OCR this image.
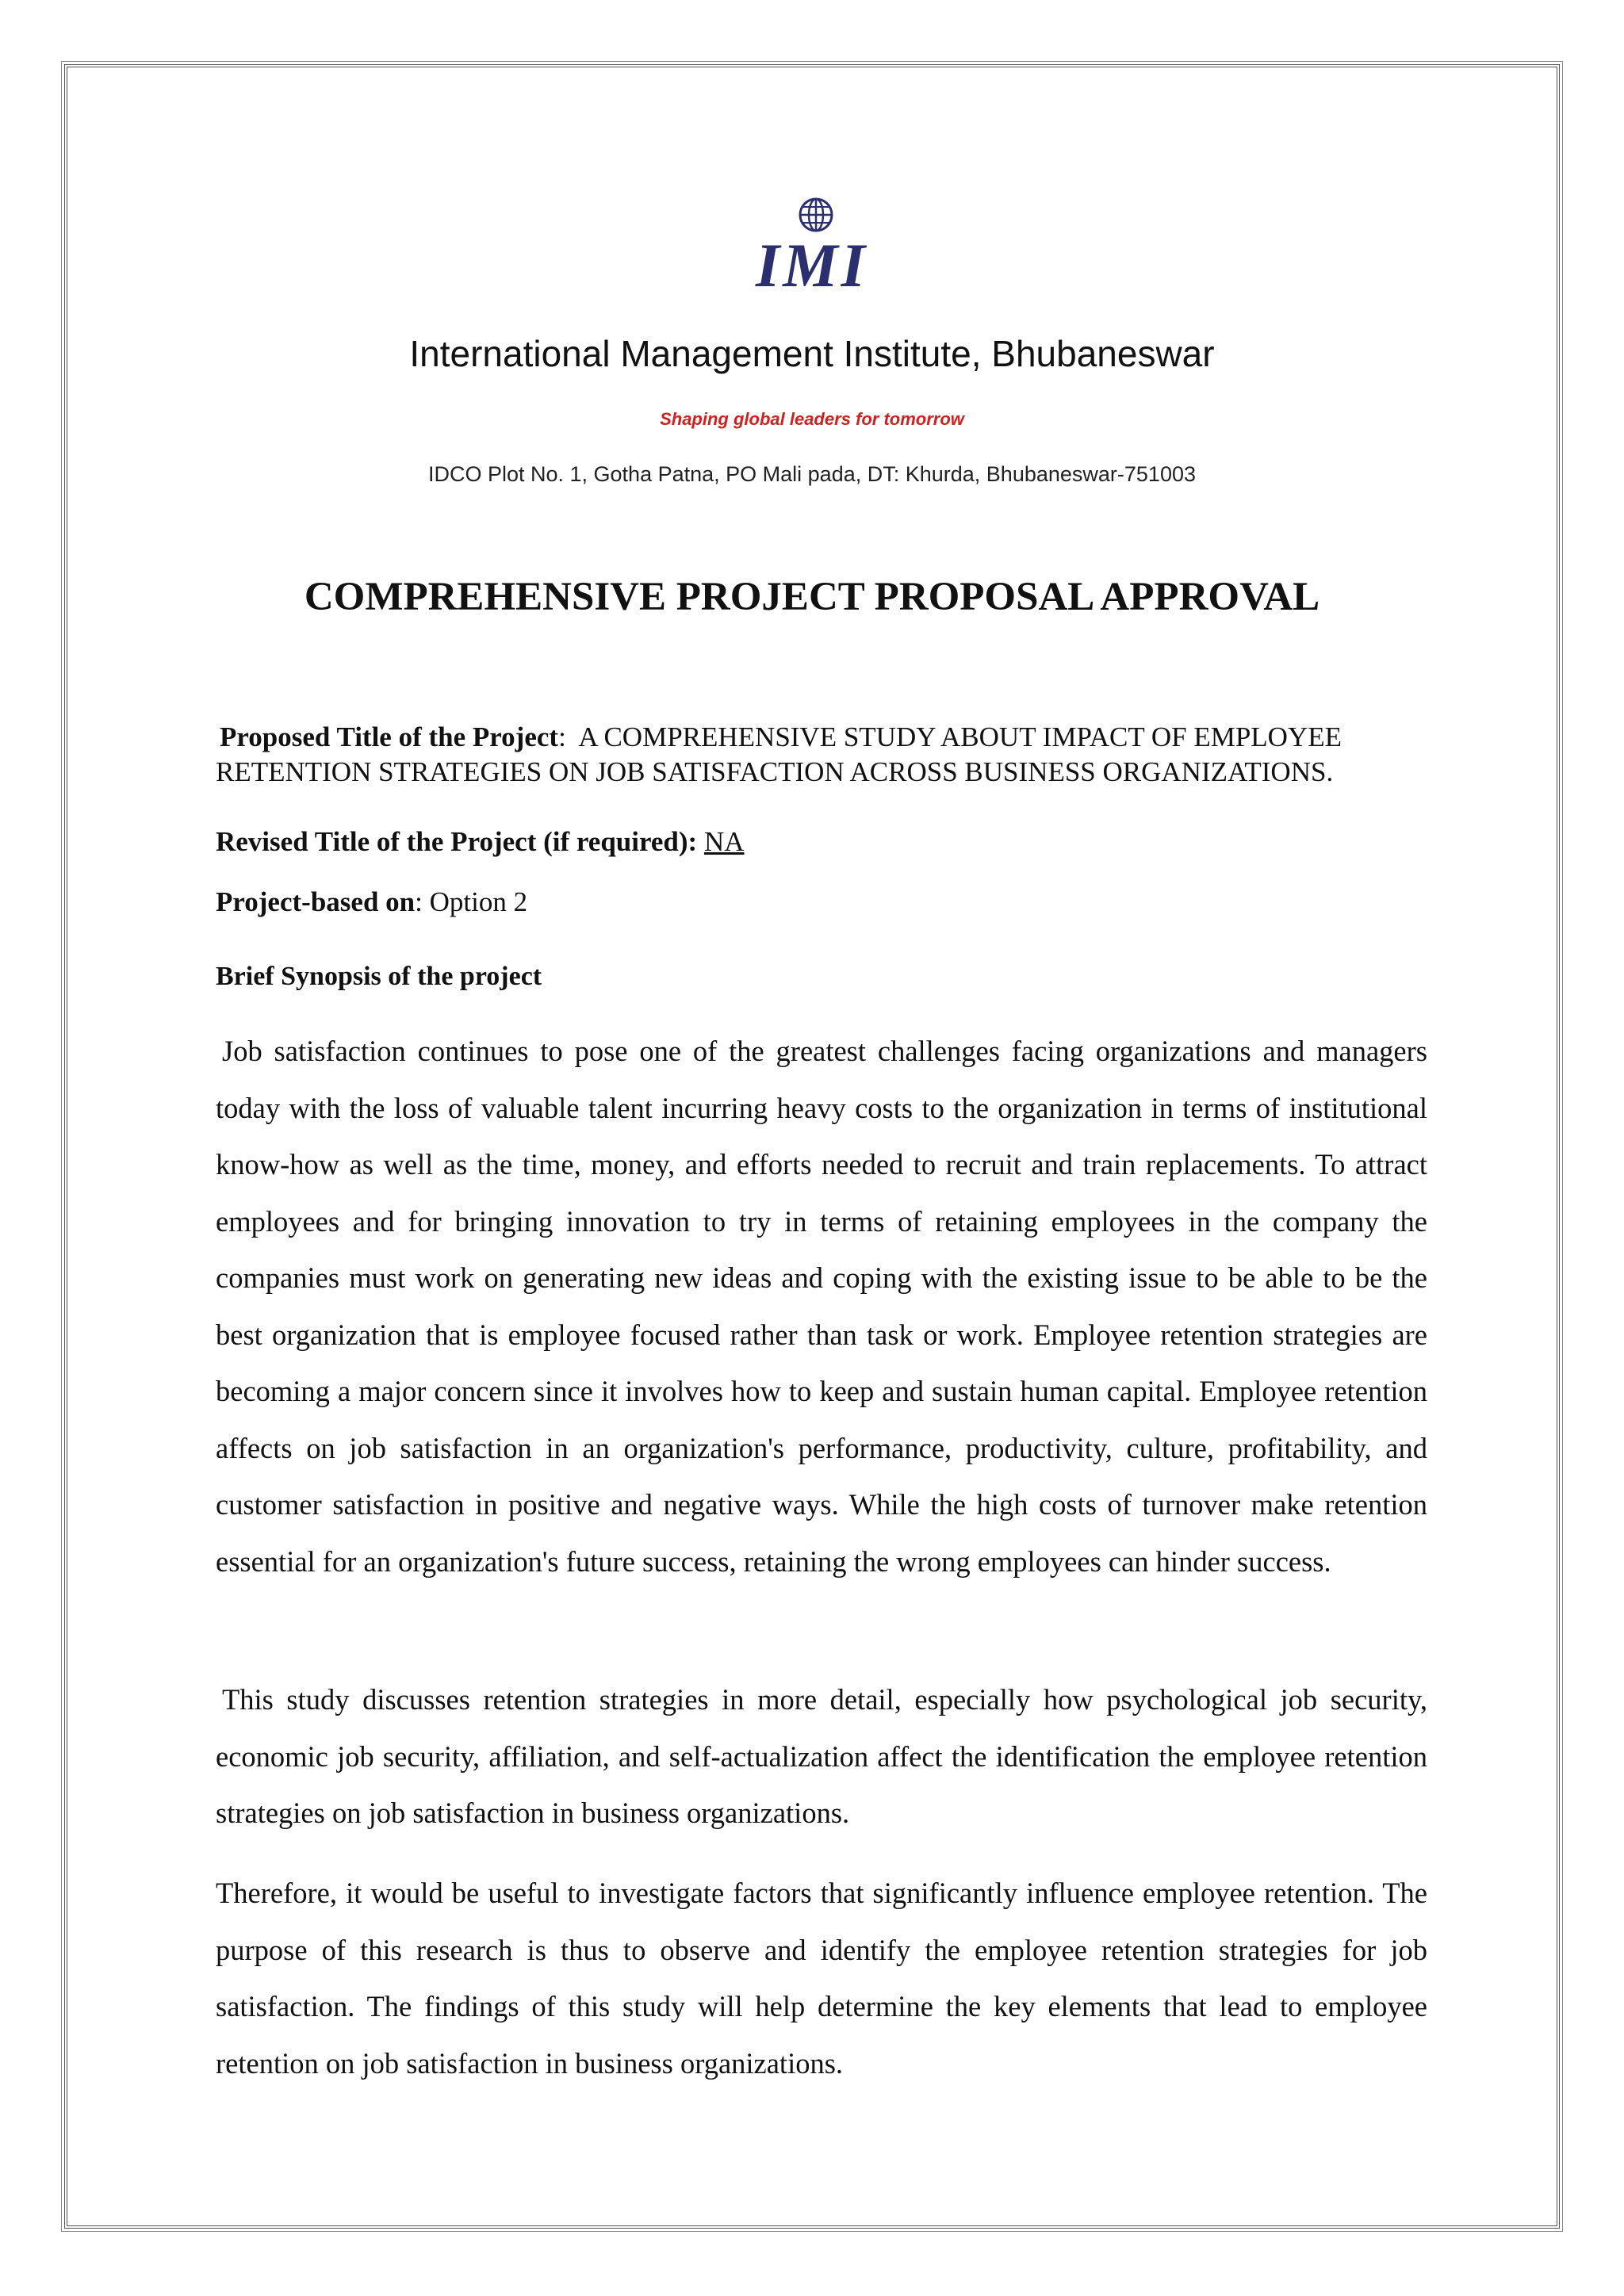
IMI
International Management Institute, Bhubaneswar
Shaping global leaders for tomorrow
IDCO Plot No. 1, Gotha Patna, PO Mali pada, DT: Khurda, Bhubaneswar-751003
COMPREHENSIVE PROJECT PROPOSAL APPROVAL
Proposed Title of the Project:  A COMPREHENSIVE STUDY ABOUT IMPACT OF EMPLOYEE
RETENTION STRATEGIES ON JOB SATISFACTION ACROSS BUSINESS ORGANIZATIONS.
Revised Title of the Project (if required): NA
Project-based on: Option 2
Brief Synopsis of the project
Job satisfaction continues to pose one of the greatest challenges facing organizations and managers today with the loss of valuable talent incurring heavy costs to the organization in terms of institutional know-how as well as the time, money, and efforts needed to recruit and train replacements. To attract employees and for bringing innovation to try in terms of retaining employees in the company the companies must work on generating new ideas and coping with the existing issue to be able to be the best organization that is employee focused rather than task or work. Employee retention strategies are becoming a major concern since it involves how to keep and sustain human capital. Employee retention affects on job satisfaction in an organization's performance, productivity, culture, profitability, and customer satisfaction in positive and negative ways. While the high costs of turnover make retention essential for an organization's future success, retaining the wrong employees can hinder success.
This study discusses retention strategies in more detail, especially how psychological job security, economic job security, affiliation, and self-actualization affect the identification the employee retention strategies on job satisfaction in business organizations.
Therefore, it would be useful to investigate factors that significantly influence employee retention. The purpose of this research is thus to observe and identify the employee retention strategies for job satisfaction. The findings of this study will help determine the key elements that lead to employee retention on job satisfaction in business organizations.
